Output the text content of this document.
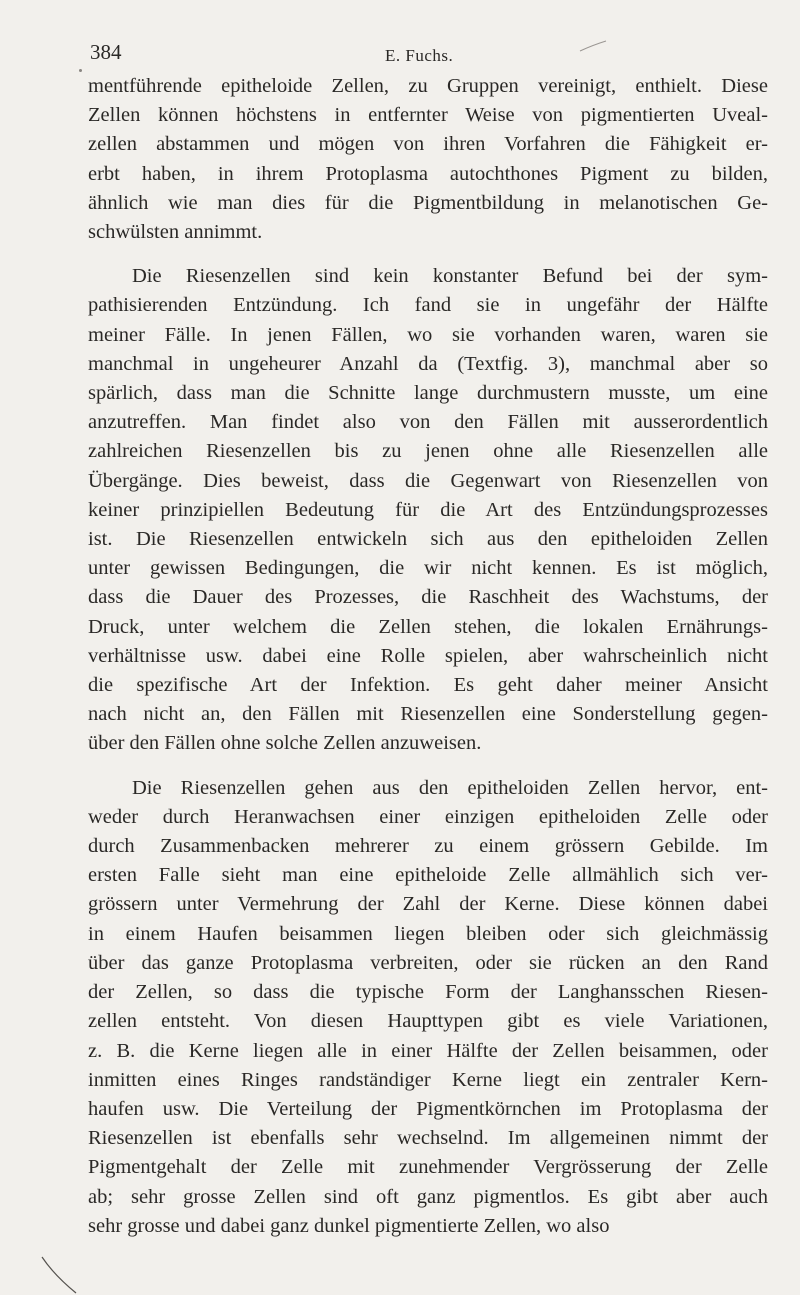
384	E. Fuchs.
mentführende epitheloide Zellen, zu Gruppen vereinigt, enthielt. Diese
Zellen können höchstens in entfernter Weise von pigmentierten Uveal-
zellen abstammen und mögen von ihren Vorfahren die Fähigkeit er-
erbt haben, in ihrem Protoplasma autochthones Pigment zu bilden,
ähnlich wie man dies für die Pigmentbildung in melanotischen Ge-
schwülsten annimmt.
Die Riesenzellen sind kein konstanter Befund bei der sym-
pathisierenden Entzündung. Ich fand sie in ungefähr der Hälfte
meiner Fälle. In jenen Fällen, wo sie vorhanden waren, waren sie
manchmal in ungeheurer Anzahl da (Textfig. 3), manchmal aber so
spärlich, dass man die Schnitte lange durchmustern musste, um eine
anzutreffen. Man findet also von den Fällen mit ausserordentlich
zahlreichen Riesenzellen bis zu jenen ohne alle Riesenzellen alle
Übergänge. Dies beweist, dass die Gegenwart von Riesenzellen von
keiner prinzipiellen Bedeutung für die Art des Entzündungsprozesses
ist. Die Riesenzellen entwickeln sich aus den epitheloiden Zellen
unter gewissen Bedingungen, die wir nicht kennen. Es ist möglich,
dass die Dauer des Prozesses, die Raschheit des Wachstums, der
Druck, unter welchem die Zellen stehen, die lokalen Ernährungs-
verhältnisse usw. dabei eine Rolle spielen, aber wahrscheinlich nicht
die spezifische Art der Infektion. Es geht daher meiner Ansicht
nach nicht an, den Fällen mit Riesenzellen eine Sonderstellung gegen-
über den Fällen ohne solche Zellen anzuweisen.
Die Riesenzellen gehen aus den epitheloiden Zellen hervor, ent-
weder durch Heranwachsen einer einzigen epitheloiden Zelle oder
durch Zusammenbacken mehrerer zu einem grössern Gebilde. Im
ersten Falle sieht man eine epitheloide Zelle allmählich sich ver-
grössern unter Vermehrung der Zahl der Kerne. Diese können dabei
in einem Haufen beisammen liegen bleiben oder sich gleichmässig
über das ganze Protoplasma verbreiten, oder sie rücken an den Rand
der Zellen, so dass die typische Form der Langhansschen Riesen-
zellen entsteht. Von diesen Haupttypen gibt es viele Variationen,
z. B. die Kerne liegen alle in einer Hälfte der Zellen beisammen, oder
inmitten eines Ringes randständiger Kerne liegt ein zentraler Kern-
haufen usw. Die Verteilung der Pigmentkörnchen im Protoplasma der
Riesenzellen ist ebenfalls sehr wechselnd. Im allgemeinen nimmt der
Pigmentgehalt der Zelle mit zunehmender Vergrösserung der Zelle
ab; sehr grosse Zellen sind oft ganz pigmentlos. Es gibt aber auch
sehr grosse und dabei ganz dunkel pigmentierte Zellen, wo also
